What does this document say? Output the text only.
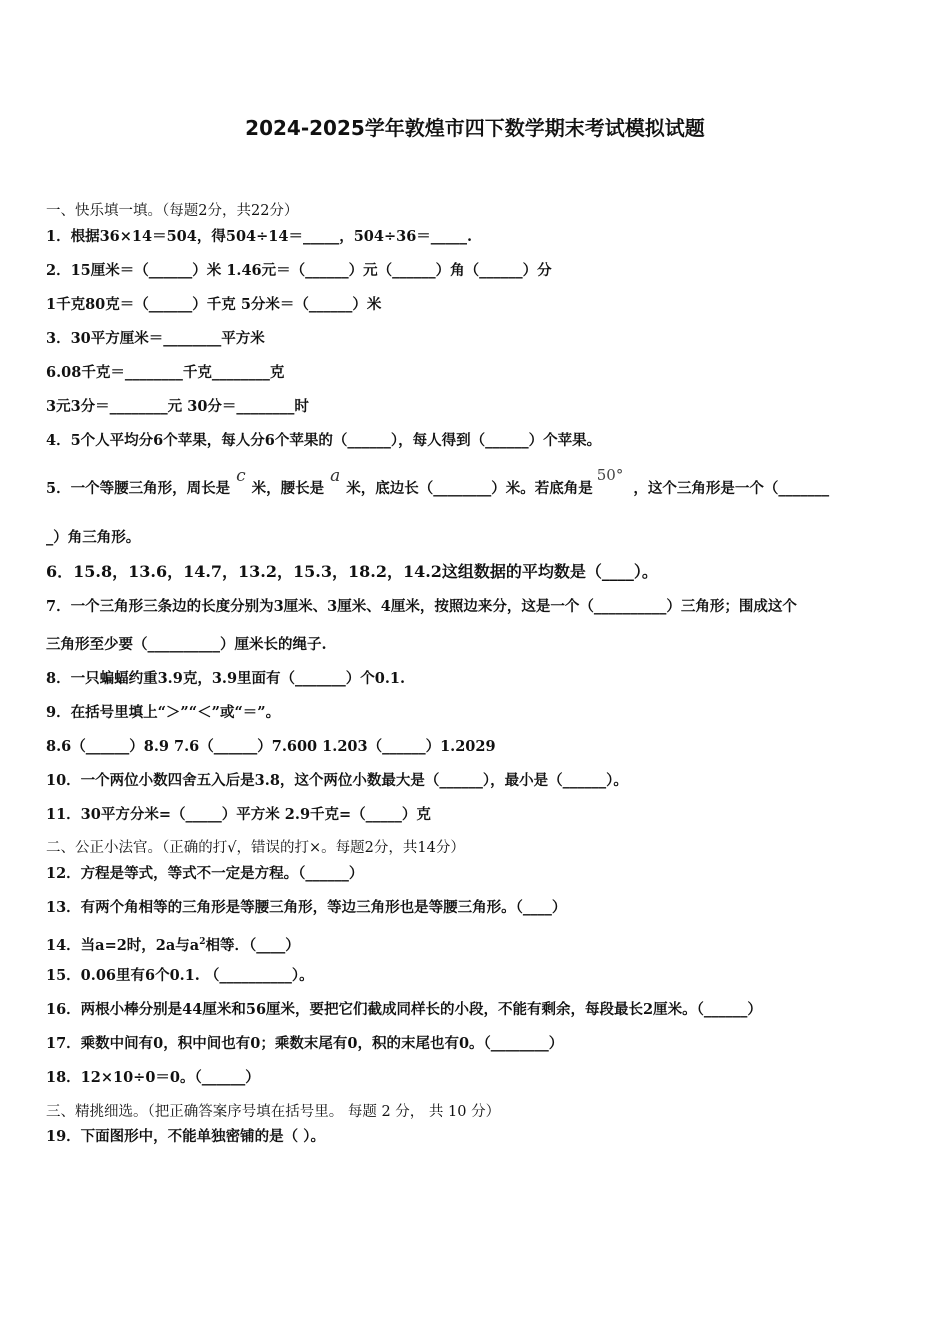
2024-2025学年敦煌市四下数学期末考试模拟试题
一、快乐填一填。（每题2分，共22分）
1．根据36×14＝504，得504÷14＝_____，504÷36＝_____.
2．15厘米＝（______）米 1.46元＝（______）元（______）角（______）分
1千克80克＝（______）千克 5分米＝（______）米
3．30平方厘米＝________平方米
6.08千克＝________千克________克
3元3分＝________元 30分＝________时
4．5个人平均分6个苹果，每人分6个苹果的（______），每人得到（______）个苹果。
5．一个等腰三角形，周长是c米，腰长是a米，底边长（________）米。若底角是50°，这个三角形是一个（_______
_）角三角形。
6．15.8，13.6，14.7，13.2，15.3，18.2，14.2这组数据的平均数是（____）。
7．一个三角形三条边的长度分别为3厘米、3厘米、4厘米，按照边来分，这是一个（__________）三角形；围成这个
三角形至少要（__________）厘米长的绳子.
8．一只蝙蝠约重3.9克，3.9里面有（_______）个0.1.
9．在括号里填上“＞”“＜”或“＝”。
8.6（______）8.9 7.6（______）7.600 1.203（______）1.2029
10．一个两位小数四舍五入后是3.8，这个两位小数最大是（______），最小是（______）。
11．30平方分米=（_____）平方米 2.9千克=（_____）克
二、公正小法官。（正确的打√，错误的打×。每题2分，共14分）
12．方程是等式，等式不一定是方程。（______）
13．有两个角相等的三角形是等腰三角形，等边三角形也是等腰三角形。（____）
14．当a=2时，2a与$a^2$相等．（____）
15．0.06里有6个0.1. （__________）。
16．两根小棒分别是44厘米和56厘米，要把它们截成同样长的小段，不能有剩余，每段最长2厘米。（______）
17．乘数中间有0，积中间也有0；乘数末尾有0，积的末尾也有0。（________）
18．12×10÷0＝0。（______）
三、精挑细选。（把正确答案序号填在括号里。 每题 2 分， 共 10 分）
19．下面图形中，不能单独密铺的是（ ）。
